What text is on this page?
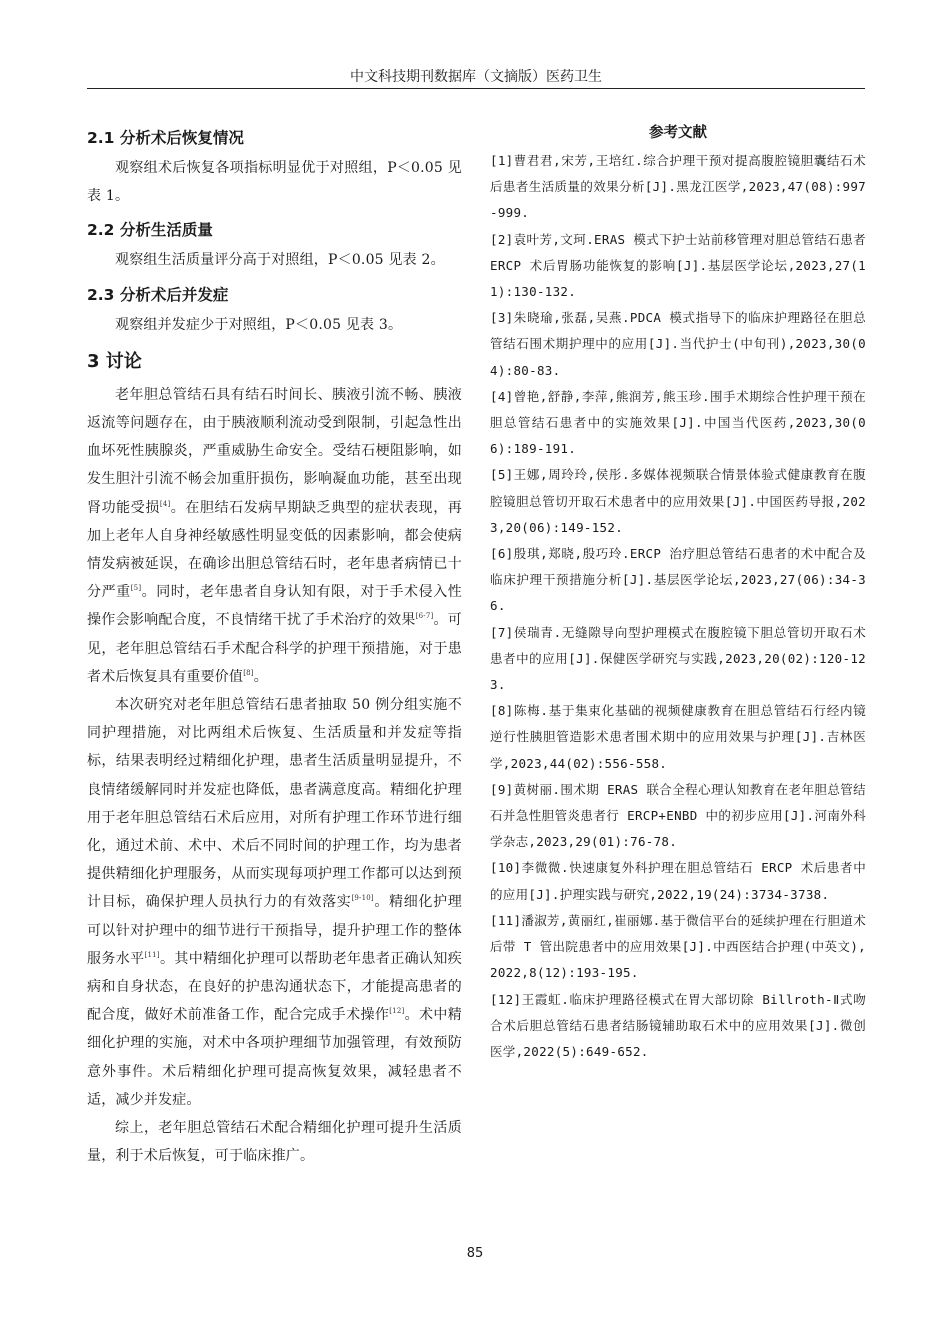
中文科技期刊数据库（文摘版）医药卫生
2.1 分析术后恢复情况

观察组术后恢复各项指标明显优于对照组，P＜0.05 见表 1。

2.2 分析生活质量

观察组生活质量评分高于对照组，P＜0.05 见表 2。

2.3 分析术后并发症

观察组并发症少于对照组，P＜0.05 见表 3。

3 讨论

老年胆总管结石具有结石时间长、胰液引流不畅、胰液返流等问题存在，由于胰液顺利流动受到限制，引起急性出血坏死性胰腺炎，严重威胁生命安全。受结石梗阻影响，如发生胆汁引流不畅会加重肝损伤，影响凝血功能，甚至出现肾功能受损[4]。在胆结石发病早期缺乏典型的症状表现，再加上老年人自身神经敏感性明显变低的因素影响，都会使病情发病被延误，在确诊出胆总管结石时，老年患者病情已十分严重[5]。同时，老年患者自身认知有限，对于手术侵入性操作会影响配合度，不良情绪干扰了手术治疗的效果[6-7]。可见，老年胆总管结石手术配合科学的护理干预措施，对于患者术后恢复具有重要价值[8]。

本次研究对老年胆总管结石患者抽取 50 例分组实施不同护理措施，对比两组术后恢复、生活质量和并发症等指标，结果表明经过精细化护理，患者生活质量明显提升，不良情绪缓解同时并发症也降低，患者满意度高。精细化护理用于老年胆总管结石术后应用，对所有护理工作环节进行细化，通过术前、术中、术后不同时间的护理工作，均为患者提供精细化护理服务，从而实现每项护理工作都可以达到预计目标，确保护理人员执行力的有效落实[9-10]。精细化护理可以针对护理中的细节进行干预指导，提升护理工作的整体服务水平[11]。其中精细化护理可以帮助老年患者正确认知疾病和自身状态，在良好的护患沟通状态下，才能提高患者的配合度，做好术前准备工作，配合完成手术操作[12]。术中精细化护理的实施，对术中各项护理细节加强管理，有效预防意外事件。术后精细化护理可提高恢复效果，减轻患者不适，减少并发症。

综上，老年胆总管结石术配合精细化护理可提升生活质量，利于术后恢复，可于临床推广。

参考文献

[1]曹君君,宋芳,王培红.综合护理干预对提高腹腔镜胆囊结石术后患者生活质量的效果分析[J].黑龙江医学,2023,47(08):997-999.

[2]袁叶芳,文珂.ERAS 模式下护士站前移管理对胆总管结石患者 ERCP 术后胃肠功能恢复的影响[J].基层医学论坛,2023,27(11):130-132.

[3]朱晓瑜,张磊,吴燕.PDCA 模式指导下的临床护理路径在胆总管结石围术期护理中的应用[J].当代护士(中旬刊),2023,30(04):80-83.

[4]曾艳,舒静,李萍,熊润芳,熊玉珍.围手术期综合性护理干预在胆总管结石患者中的实施效果[J].中国当代医药,2023,30(06):189-191.

[5]王娜,周玲玲,侯彤.多媒体视频联合情景体验式健康教育在腹腔镜胆总管切开取石术患者中的应用效果[J].中国医药导报,2023,20(06):149-152.

[6]殷琪,郑晓,殷巧玲.ERCP 治疗胆总管结石患者的术中配合及临床护理干预措施分析[J].基层医学论坛,2023,27(06):34-36.

[7]侯瑞青.无缝隙导向型护理模式在腹腔镜下胆总管切开取石术患者中的应用[J].保健医学研究与实践,2023,20(02):120-123.

[8]陈梅.基于集束化基础的视频健康教育在胆总管结石行经内镜逆行性胰胆管造影术患者围术期中的应用效果与护理[J].吉林医学,2023,44(02):556-558.

[9]黄树丽.围术期 ERAS 联合全程心理认知教育在老年胆总管结石并急性胆管炎患者行 ERCP+ENBD 中的初步应用[J].河南外科学杂志,2023,29(01):76-78.

[10]李微微.快速康复外科护理在胆总管结石 ERCP 术后患者中的应用[J].护理实践与研究,2022,19(24):3734-3738.

[11]潘淑芳,黄丽红,崔丽娜.基于微信平台的延续护理在行胆道术后带 T 管出院患者中的应用效果[J].中西医结合护理(中英文),2022,8(12):193-195.

[12]王霞虹.临床护理路径模式在胃大部切除 Billroth-Ⅱ式吻合术后胆总管结石患者结肠镜辅助取石术中的应用效果[J].微创医学,2022(5):649-652.

85
